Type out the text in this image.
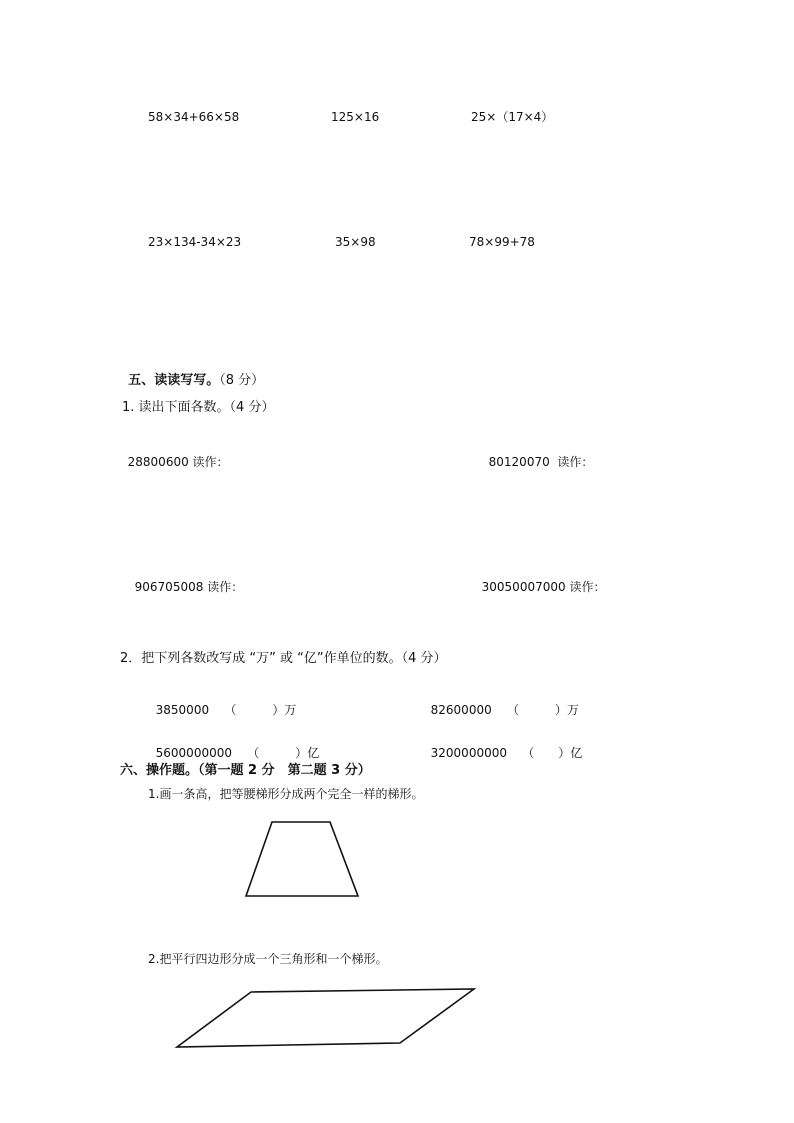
58×34+66×58	125×16	25×（17×4）
23×134-34×23	35×98	78×99+78

五、读读写写。（8 分）

1. 读出下面各数。（4 分）

28800600 读作：	80120070 读作：

906705008 读作：	30050007000 读作：

2．把下列各数改写成 “万” 或 “亿”作单位的数。（4 分）

3850000 （　　　）万	82600000 （　　　）万

5600000000 （　　　）亿	3200000000 （　　）亿

六、操作题。（第一题 2 分　第二题 3 分）
1.画一条高，把等腰梯形分成两个完全一样的梯形。
2.把平行四边形分成一个三角形和一个梯形。
